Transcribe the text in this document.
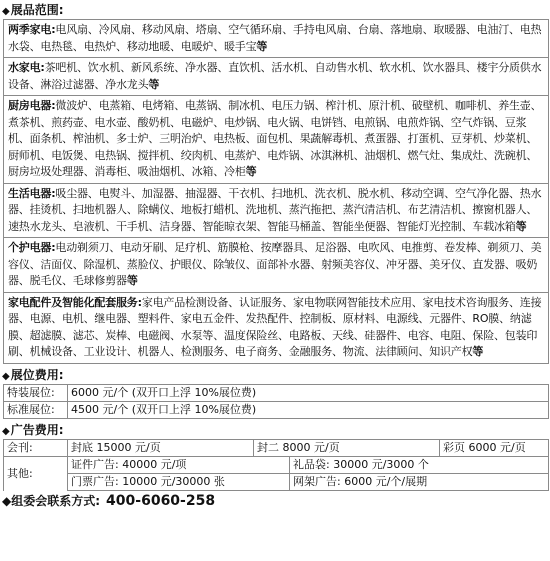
◆展品范围:
两季家电:电风扇、冷风扇、移动风扇、塔扇、空气循环扇、手持电风扇、台扇、落地扇、取暖器、电油汀、电热水袋、电热毯、电热炉、移动地暖、电暖炉、暖手宝等
水家电:茶吧机、饮水机、新风系统、净水器、直饮机、活水机、自动售水机、软水机、饮水器具、楼宇分质供水设备、淋浴过滤器、净水龙头等
厨房电器:微波炉、电蒸箱、电烤箱、电蒸锅、制冰机、电压力锅、榨汁机、原汁机、破壁机、咖啡机、养生壶、煮茶机、煎药壶、电水壶、酸奶机、电磁炉、电炒锅、电火锅、电饼铛、电煎锅、电煎炸锅、空气炸锅、豆浆机、面条机、榨油机、多士炉、三明治炉、电热板、面包机、果蔬解毒机、煮蛋器、打蛋机、豆芽机、炒菜机、厨师机、电饭煲、电热锅、搅拌机、绞肉机、电蒸炉、电炸锅、冰淇淋机、油烟机、燃气灶、集成灶、洗碗机、厨房垃圾处理器、消毒柜、吸油烟机、冰箱、冷柜等
生活电器:吸尘器、电熨斗、加湿器、抽湿器、干衣机、扫地机、洗衣机、脱水机、移动空调、空气净化器、热水器、挂烫机、扫地机器人、除螨仪、地板打蜡机、洗地机、蒸汽拖把、蒸汽清洁机、布艺清洁机、擦窗机器人、速热水龙头、皂液机、干手机、洁身器、智能晾衣架、智能马桶盖、智能坐便器、智能灯光控制、车载冰箱等
个护电器:电动剃须刀、电动牙刷、足疗机、筋膜枪、按摩器具、足浴器、电吹风、电推剪、卷发棒、剃须刀、美容仪、洁面仪、除湿机、蒸脸仪、护眼仪、除皱仪、面部补水器、射频美容仪、冲牙器、美牙仪、直发器、吸奶器、脱毛仪、毛球修剪器等
家电配件及智能化配套服务:家电产品检测设备、认证服务、家电物联网智能技术应用、家电技术咨询服务、连接器、电源、电机、继电器、塑料件、家电五金件、发热配件、控制板、原材料、电源线、元器件、RO膜、纳滤膜、超滤膜、滤芯、炭棒、电磁阀、水泵等、温度保险丝、电路板、天线、硅器件、电容、电阻、保险、包装印刷、机械设备、工业设计、机器人、检测服务、电子商务、金融服务、物流、法律顾问、知识产权等
◆展位费用:
特装展位:	6000 元/个 (双开口上浮 10%展位费)
标准展位:	4500 元/个 (双开口上浮 10%展位费)
◆广告费用:
会刊:	封底 15000 元/页	封二 8000 元/页	彩页 6000 元/页
其他:
证件广告: 40000 元/项	礼品袋: 30000 元/3000 个
门票广告: 10000 元/30000 张	网架广告: 6000 元/个/展期
◆组委会联系方式: 400-6060-258
